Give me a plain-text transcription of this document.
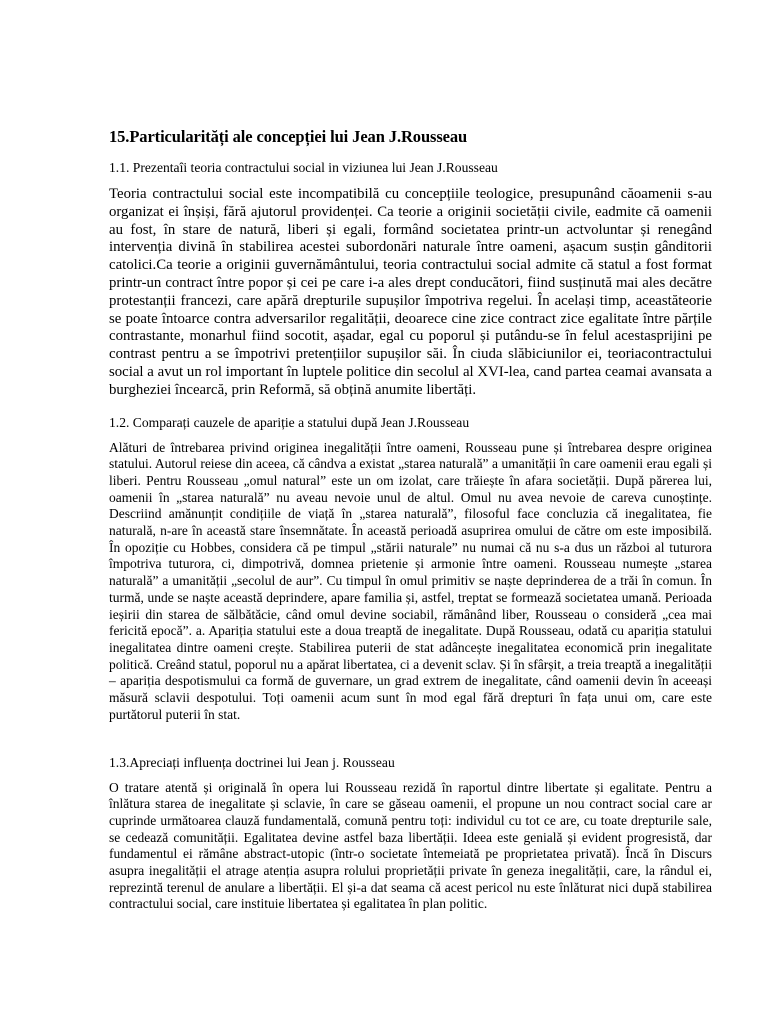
15.Particularități ale concepției lui Jean J.Rousseau
1.1. Prezentaîi teoria contractului social in viziunea lui Jean J.Rousseau

Teoria contractului social este incompatibilă cu concepțiile teologice, presupunând căoamenii s-au organizat ei înșiși, fără ajutorul providenței. Ca teorie a originii societății civile, eadmite că oamenii au fost, în stare de natură, liberi și egali, formând societatea printr-un actvoluntar și renegând intervenția divină în stabilirea acestei subordonări naturale între oameni, așacum susțin gânditorii catolici.Ca teorie a originii guvernământului, teoria contractului social admite că statul a fost format printr-un contract între popor și cei pe care i-a ales drept conducători, fiind susținută mai ales decătre protestanții francezi, care apără drepturile supușilor împotriva regelui. În același timp, aceastăteorie se poate întoarce contra adversarilor regalității, deoarece cine zice contract zice egalitate între părțile contrastante, monarhul fiind socotit, așadar, egal cu poporul și putându-se în felul acestasprijini pe contrast pentru a se împotrivi pretențiilor supușilor săi. În ciuda slăbiciunilor ei, teoriacontractului social a avut un rol important în luptele politice din secolul al XVI-lea, cand partea ceamai avansata a burgheziei încearcă, prin Reformă, să obțină anumite libertăți.

1.2. Comparați cauzele de apariție a statului după Jean J.Rousseau

Alături de întrebarea privind originea inegalității între oameni, Rousseau pune și întrebarea despre originea statului. Autorul reiese din aceea, că cândva a existat „starea naturală” a umanității în care oamenii erau egali și liberi. Pentru Rousseau „omul natural” este un om izolat, care trăiește în afara societății. După părerea lui, oamenii în „starea naturală” nu aveau nevoie unul de altul. Omul nu avea nevoie de careva cunoștințe. Descriind amănunțit condițiile de viață în „starea naturală”, filosoful face concluzia că inegalitatea, fie naturală, n-are în această stare însemnătate. În această perioadă asuprirea omului de către om este imposibilă. În opoziție cu Hobbes, considera că pe timpul „stării naturale” nu numai că nu s-a dus un război al tuturora împotriva tuturora, ci, dimpotrivă, domnea prietenie și armonie între oameni. Rousseau numește „starea naturală” a umanității „secolul de aur”. Cu timpul în omul primitiv se naște deprinderea de a trăi în comun. În turmă, unde se naște această deprindere, apare familia și, astfel, treptat se formează societatea umană. Perioada ieșirii din starea de sălbătăcie, când omul devine sociabil, rămânând liber, Rousseau o consideră „cea mai fericită epocă”. a. Apariția statului este a doua treaptă de inegalitate. După Rousseau, odată cu apariția statului inegalitatea dintre oameni crește. Stabilirea puterii de stat adâncește inegalitatea economică prin inegalitate politică. Creând statul, poporul nu a apărat libertatea, ci a devenit sclav. Și în sfârșit, a treia treaptă a inegalității – apariția despotismului ca formă de guvernare, un grad extrem de inegalitate, când oamenii devin în aceeași măsură sclavii despotului. Toți oamenii acum sunt în mod egal fără drepturi în fața unui om, care este purtătorul puterii în stat.

1.3.Apreciați influența doctrinei lui Jean j. Rousseau

O tratare atentă și originală în opera lui Rousseau rezidă în raportul dintre libertate și egalitate. Pentru a înlătura starea de inegalitate și sclavie, în care se găseau oamenii, el propune un nou contract social care ar cuprinde următoarea clauză fundamentală, comună pentru toți: individul cu tot ce are, cu toate drepturile sale, se cedează comunității. Egalitatea devine astfel baza libertății. Ideea este genială și evident progresistă, dar fundamentul ei rămâne abstract-utopic (într-o societate întemeiată pe proprietatea privată). Încă în Discurs asupra inegalității el atrage atenția asupra rolului proprietății private în geneza inegalității, care, la rândul ei, reprezintă terenul de anulare a libertății. El și-a dat seama că acest pericol nu este înlăturat nici după stabilirea contractului social, care instituie libertatea și egalitatea în plan politic.
